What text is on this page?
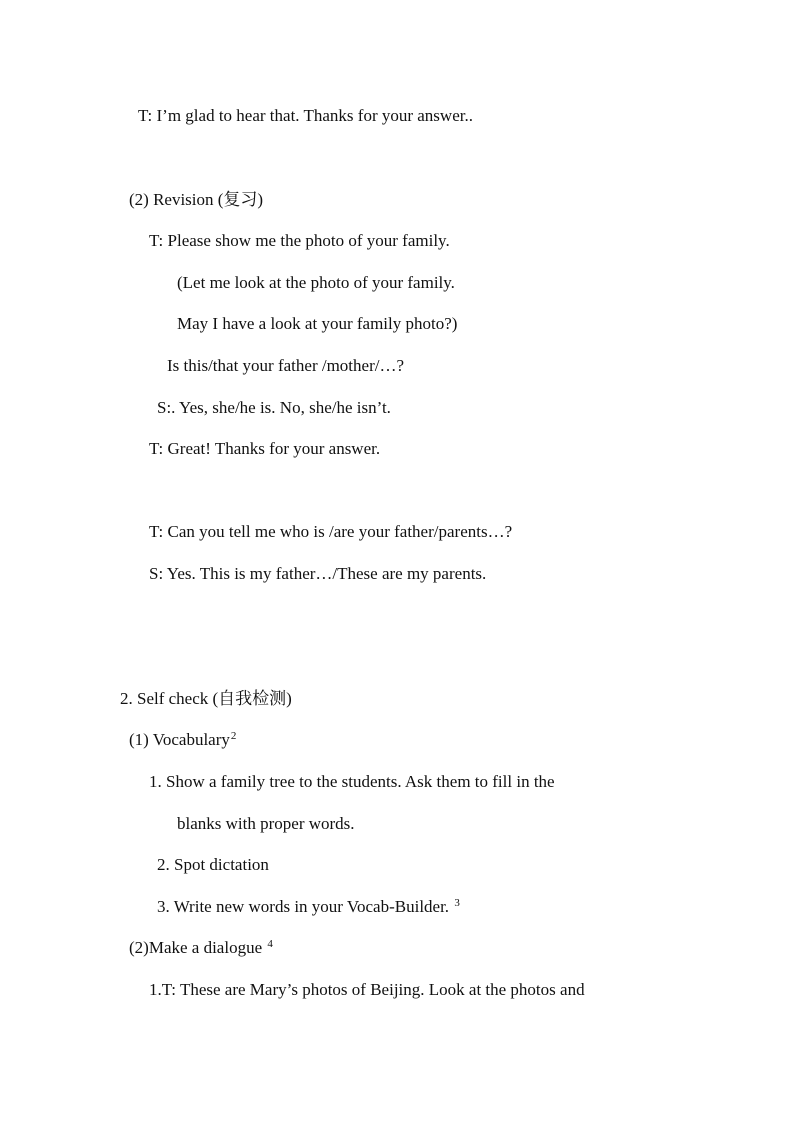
T: I’m glad to hear that. Thanks for your answer..
(2) Revision (复习)
T: Please show me the photo of your family.
(Let me look at the photo of your family.
May I have a look at your family photo?)
Is this/that your father /mother/…?
S:. Yes, she/he is. No, she/he isn’t.
T: Great! Thanks for your answer.
T: Can you tell me who is /are your father/parents…?
S: Yes. This is my father…/These are my parents.
2. Self check (自我检测)
(1) Vocabulary$^2$
1. Show a family tree to the students. Ask them to fill in the
blanks with proper words.
2. Spot dictation
3. Write new words in your Vocab-Builder. $^3$
(2)Make a dialogue $^4$
1.T: These are Mary’s photos of Beijing. Look at the photos and
